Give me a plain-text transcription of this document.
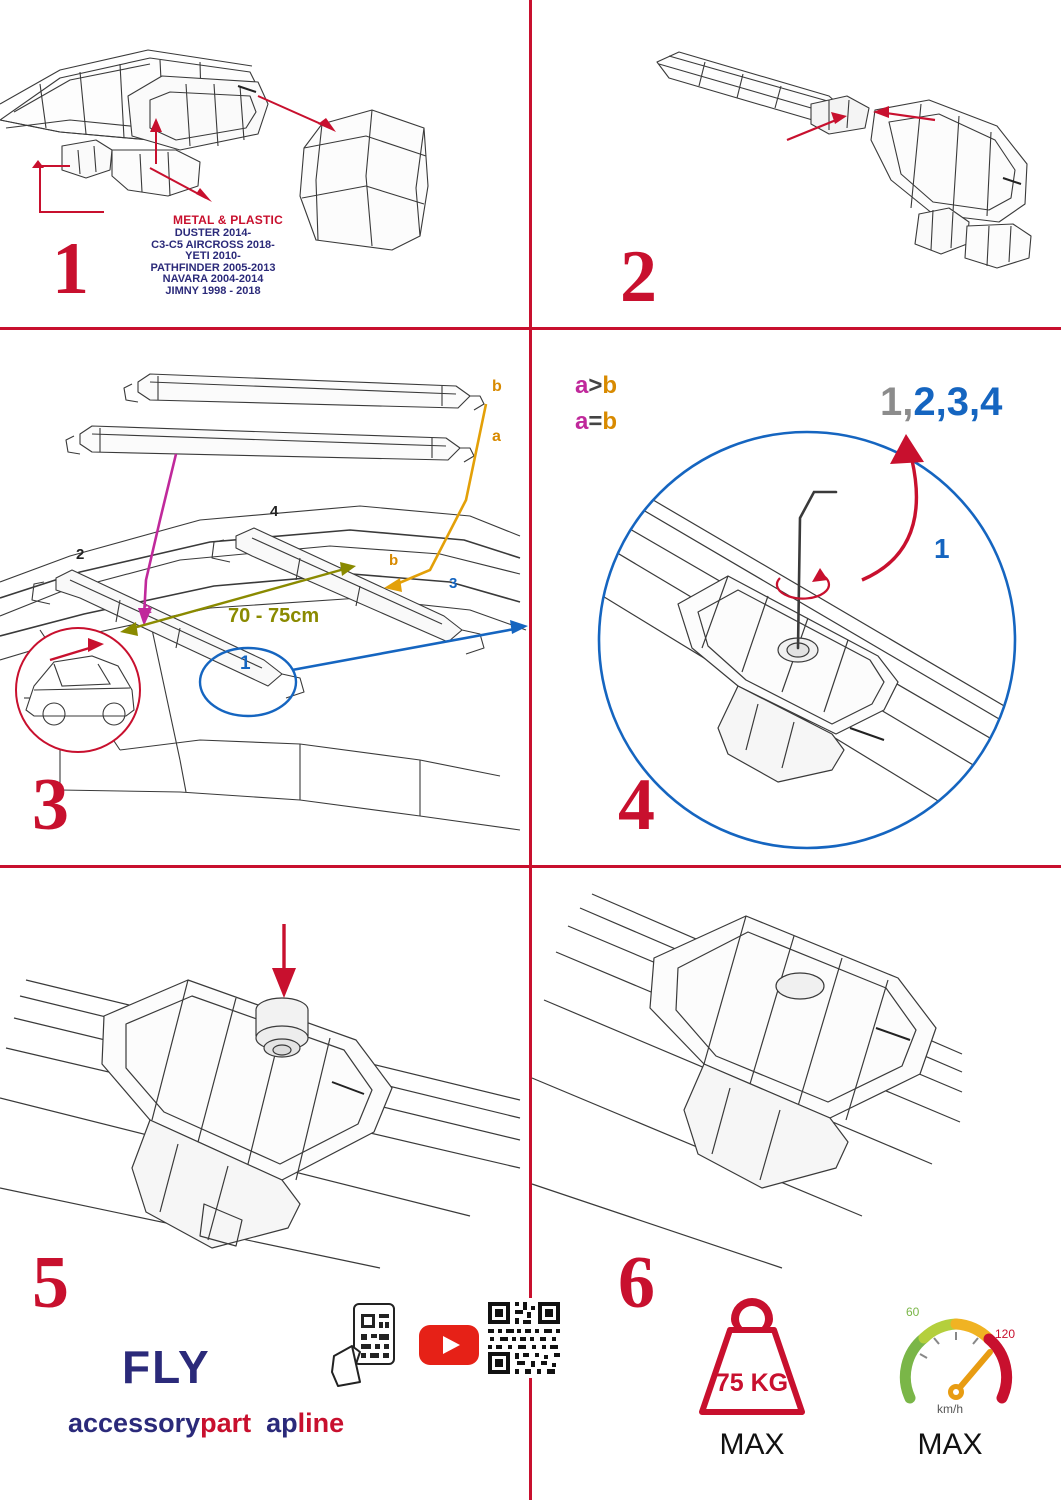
METAL & PLASTIC
DUSTER 2014-
C3-C5 AIRCROSS 2018-
YETI 2010-
PATHFINDER 2005-2013
NAVARA 2004-2014
JIMNY 1998 - 2018
1	2
b
a
b
a
2
3
4
1
70 - 75cm
a>b
a=b
3
1,2,3,4
1
4
5
FLY
accessorypart apline
6
75 KG
MAX
60
120
km/h
MAX
